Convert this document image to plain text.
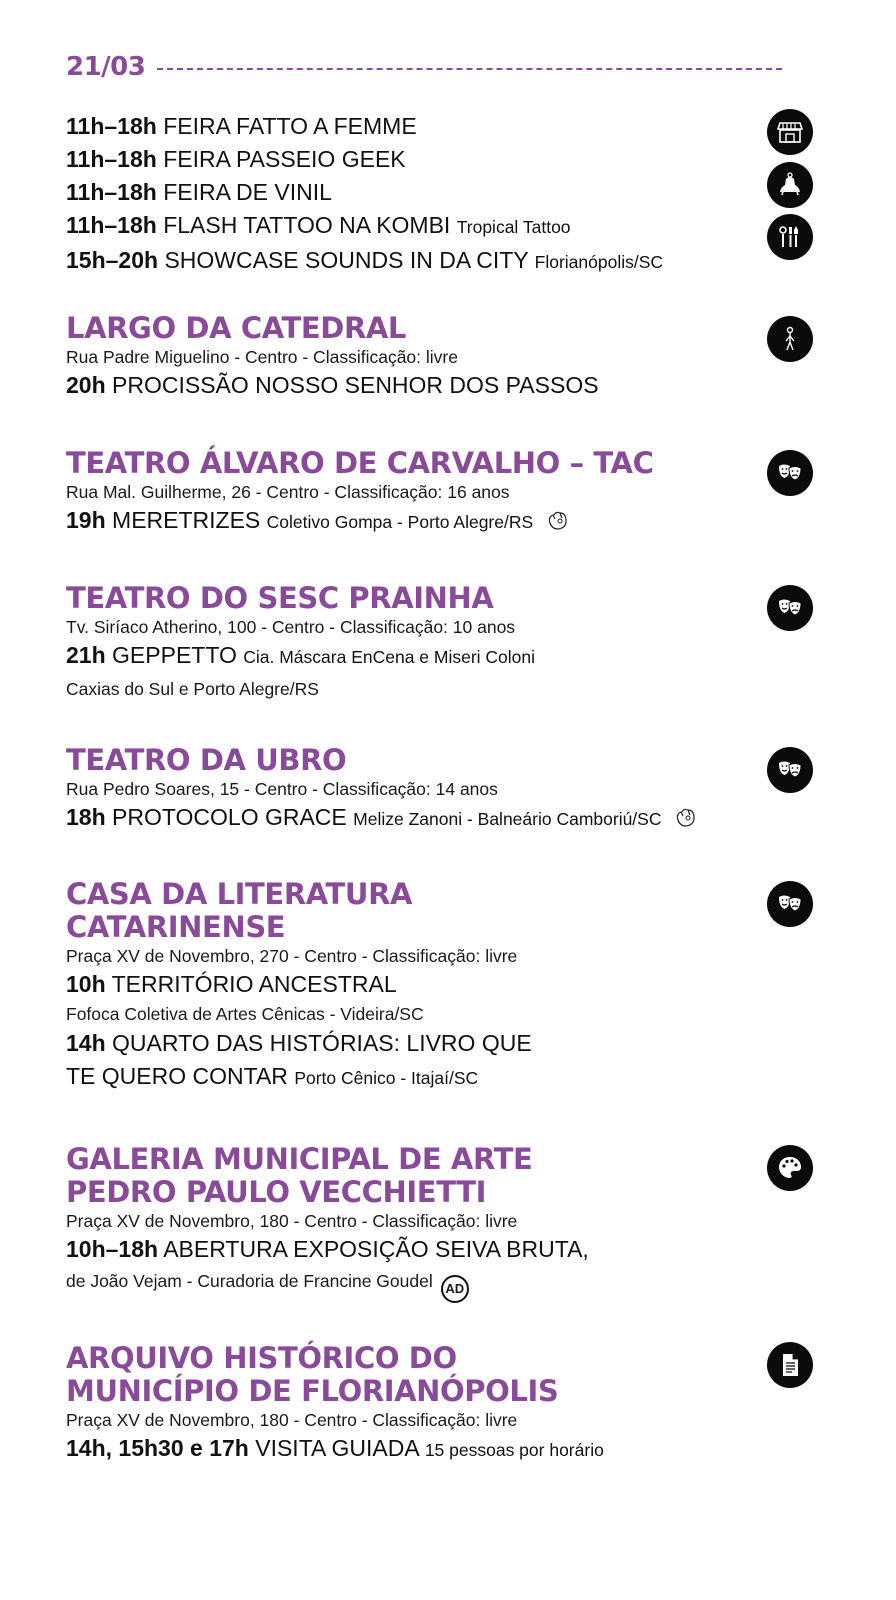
21/03
11h–18h FEIRA FATTO A FEMME
11h–18h FEIRA PASSEIO GEEK
11h–18h FEIRA DE VINIL
11h–18h FLASH TATTOO NA KOMBI Tropical Tattoo
15h–20h SHOWCASE SOUNDS IN DA CITY Florianópolis/SC
LARGO DA CATEDRAL
Rua Padre Miguelino - Centro - Classificação: livre
20h PROCISSÃO NOSSO SENHOR DOS PASSOS
TEATRO ÁLVARO DE CARVALHO – TAC
Rua Mal. Guilherme, 26 - Centro - Classificação: 16 anos
19h MERETRIZES Coletivo Gompa - Porto Alegre/RS
TEATRO DO SESC PRAINHA
Tv. Siríaco Atherino, 100 - Centro - Classificação: 10 anos
21h GEPPETTO Cia. Máscara EnCena e Miseri Coloni
Caxias do Sul e Porto Alegre/RS
TEATRO DA UBRO
Rua Pedro Soares, 15 - Centro - Classificação: 14 anos
18h PROTOCOLO GRACE Melize Zanoni - Balneário Camboriú/SC
CASA DA LITERATURA
CATARINENSE
Praça XV de Novembro, 270 - Centro - Classificação: livre
10h TERRITÓRIO ANCESTRAL
Fofoca Coletiva de Artes Cênicas - Videira/SC
14h QUARTO DAS HISTÓRIAS: LIVRO QUE
TE QUERO CONTAR Porto Cênico - Itajaí/SC
GALERIA MUNICIPAL DE ARTE
PEDRO PAULO VECCHIETTI
Praça XV de Novembro, 180 - Centro - Classificação: livre
10h–18h ABERTURA EXPOSIÇÃO SEIVA BRUTA,
de João Vejam - Curadoria de Francine Goudel AD
ARQUIVO HISTÓRICO DO
MUNICÍPIO DE FLORIANÓPOLIS
Praça XV de Novembro, 180 - Centro - Classificação: livre
14h, 15h30 e 17h VISITA GUIADA 15 pessoas por horário
